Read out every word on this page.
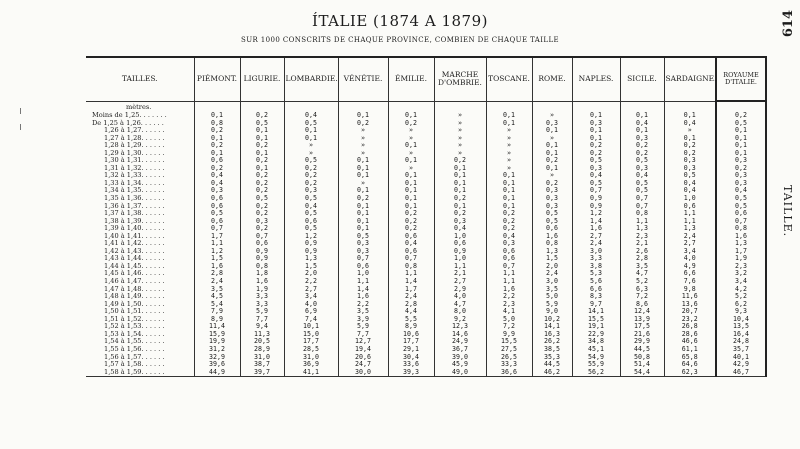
614
TAILLE.
ÍTALIE (1874 A 1879)
SUR 1000 CONSCRITS DE CHAQUE PROVINCE, COMBIEN DE CHAQUE TAILLE
TAILLES.	PIÉMONT.	LIGURIE.	LOMBARDIE.	VÉNÉTIE.	ÉMILIE.	MARCHE D'OMBRIE.	TOSCANE.	ROME.	NAPLES.	SICILE.	SARDAIGNE.	ROYAUME D'ITALIE.
mètres.												
Moins de 1,25. . . . . . .	0,1	0,2	0,4	0,1	0,1	»	0,1	»	0,1	0,1	0,1	0,2
De 1,25 à 1,26. . . . . .	0,8	0,5	0,5	0,2	0,2	»	0,1	0,3	0,3	0,4	0,4	0,5
1,26 à 1,27. . . . . .	0,2	0,1	0,1	»	»	»	»	0,1	0,1	0,1	»	0,1
1,27 à 1,28. . . . . .	0,1	0,1	0,1	»	»	»	»	»	0,1	0,3	0,1	0,1
1,28 à 1,29. . . . . .	0,2	0,2	»	»	0,1	»	»	0,1	0,2	0,2	0,2	0,1
1,29 à 1,30. . . . . .	0,1	0,1	»	»	»	»	»	0,1	0,2	0,2	0,2	0,1
1,30 à 1,31. . . . . .	0,6	0,2	0,5	0,1	0,1	0,2	»	0,2	0,5	0,5	0,3	0,3
1,31 à 1,32. . . . . .	0,2	0,1	0,2	0,1	»	0,1	»	0,1	0,3	0,3	0,3	0,2
1,32 à 1,33. . . . . .	0,4	0,2	0,2	0,1	0,1	0,1	0,1	»	0,4	0,4	0,5	0,3
1,33 à 1,34. . . . . .	0,4	0,2	0,2	»	0,1	0,1	0,1	0,2	0,5	0,5	0,4	0,3
1,34 à 1,35. . . . . .	0,3	0,2	0,3	0,1	0,1	0,1	0,1	0,3	0,7	0,5	0,4	0,4
1,35 à 1,36. . . . . .	0,6	0,5	0,5	0,2	0,1	0,2	0,1	0,3	0,9	0,7	1,0	0,5
1,36 à 1,37. . . . . .	0,6	0,2	0,4	0,1	0,1	0,1	0,1	0,3	0,9	0,7	0,6	0,5
1,37 à 1,38. . . . . .	0,5	0,2	0,5	0,1	0,2	0,2	0,2	0,5	1,2	0,8	1,1	0,6
1,38 à 1,39. . . . . .	0,6	0,3	0,6	0,1	0,2	0,3	0,2	0,5	1,4	1,1	1,1	0,7
1,39 à 1,40. . . . . .	0,7	0,2	0,5	0,1	0,2	0,4	0,2	0,6	1,6	1,3	1,3	0,8
1,40 à 1,41. . . . . .	1,7	0,7	1,2	0,5	0,6	1,0	0,4	1,6	2,7	2,3	2,4	1,6
1,41 à 1,42. . . . . .	1,1	0,6	0,9	0,3	0,4	0,6	0,3	0,8	2,4	2,1	2,7	1,3
1,42 à 1,43. . . . . .	1,2	0,9	0,9	0,3	0,6	0,9	0,6	1,3	3,0	2,6	3,4	1,7
1,43 à 1,44. . . . . .	1,5	0,9	1,3	0,7	0,7	1,0	0,6	1,5	3,3	2,8	4,0	1,9
1,44 à 1,45. . . . . .	1,6	0,8	1,5	0,6	0,8	1,1	0,7	2,0	3,8	3,5	4,9	2,3
1,45 à 1,46. . . . . .	2,8	1,8	2,0	1,0	1,1	2,1	1,1	2,4	5,3	4,7	6,6	3,2
1,46 à 1,47. . . . . .	2,4	1,6	2,2	1,1	1,4	2,7	1,1	3,0	5,6	5,2	7,6	3,4
1,47 à 1,48. . . . . .	3,5	1,9	2,7	1,4	1,7	2,9	1,6	3,5	6,6	6,3	9,8	4,2
1,48 à 1,49. . . . . .	4,5	3,3	3,4	1,6	2,4	4,0	2,2	5,0	8,3	7,2	11,6	5,2
1,49 à 1,50. . . . . .	5,4	3,3	4,0	2,2	2,8	4,7	2,3	5,9	9,7	8,6	13,6	6,2
1,50 à 1,51. . . . . .	7,9	5,9	6,9	3,5	4,4	8,0	4,1	9,0	14,1	12,4	20,7	9,3
1,51 à 1,52. . . . . .	8,9	7,7	7,4	3,9	5,5	9,2	5,0	10,2	15,5	13,9	23,2	10,4
1,52 à 1,53. . . . . .	11,4	9,4	10,1	5,9	8,9	12,3	7,2	14,1	19,1	17,5	26,8	13,5
1,53 à 1,54. . . . . .	15,9	11,3	15,0	7,7	10,6	14,6	9,9	16,3	22,9	21,6	28,6	16,4
1,54 à 1,55. . . . . .	19,9	20,5	17,7	12,7	17,7	24,9	15,5	26,2	34,8	29,9	46,6	24,8
1,55 à 1,56. . . . . .	31,2	28,9	28,5	19,4	29,1	36,7	27,5	38,5	45,1	44,5	61,1	35,7
1,56 à 1,57. . . . . .	32,9	31,0	31,0	20,6	30,4	39,0	26,5	35,3	54,9	50,8	65,8	40,1
1,57 à 1,58. . . . . .	39,6	38,7	36,9	24,7	33,6	45,9	33,3	44,5	55,9	51,4	64,6	42,9
1,58 à 1,59. . . . . .	44,9	39,7	41,1	30,0	39,3	49,0	36,6	46,2	56,2	54,4	62,3	46,7
